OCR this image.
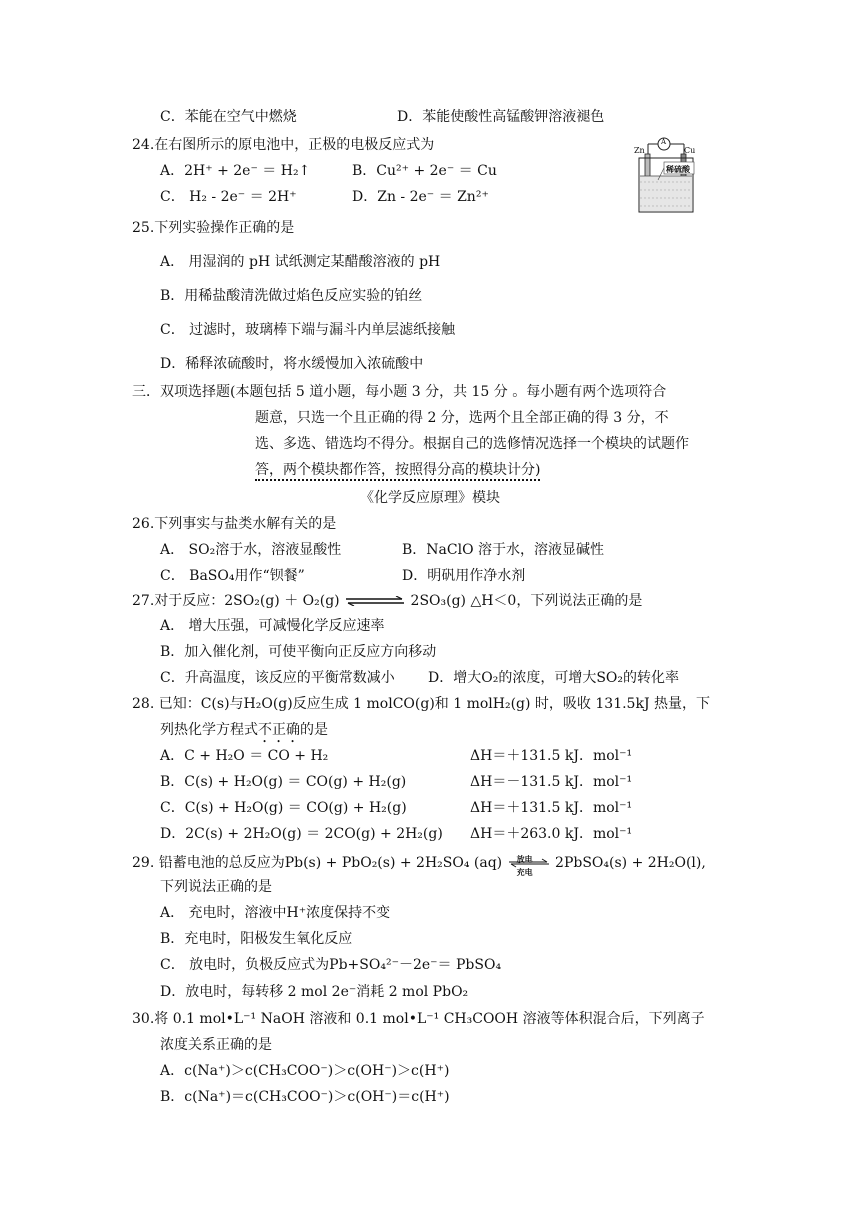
C．苯能在空气中燃烧	D．苯能使酸性高锰酸钾溶液褪色
24.在右图所示的原电池中，正极的电极反应式为
A．2H⁺ + 2e⁻ ＝ H₂↑	B．Cu²⁺ + 2e⁻ ＝ Cu
C． H₂ - 2e⁻ ＝ 2H⁺	D．Zn - 2e⁻ ＝ Zn²⁺
Zn
A
Cu
稀硫酸
25.下列实验操作正确的是
A． 用湿润的 pH 试纸测定某醋酸溶液的 pH
B．用稀盐酸清洗做过焰色反应实验的铂丝
C． 过滤时，玻璃棒下端与漏斗内单层滤纸接触
D．稀释浓硫酸时，将水缓慢加入浓硫酸中
三．双项选择题(本题包括 5 道小题，每小题 3 分，共 15 分 。每小题有两个选项符合
题意，只选一个且正确的得 2 分，选两个且全部正确的得 3 分，不
选、多选、错选均不得分。根据自己的选修情况选择一个模块的试题作
答，两个模块都作答，按照得分高的模块计分)
《化学反应原理》模块
26.下列事实与盐类水解有关的是
A． SO₂溶于水，溶液显酸性	B．NaClO 溶于水，溶液显碱性
C． BaSO₄用作“钡餐”	D．明矾用作净水剂
27.对于反应：2SO₂(g) ＋ O₂(g)	2SO₃(g) △H＜0，下列说法正确的是
A． 增大压强，可减慢化学反应速率
B．加入催化剂，可使平衡向正反应方向移动
C．升高温度，该反应的平衡常数减小 D．增大O₂的浓度，可增大SO₂的转化率
28. 已知：C(s)与H₂O(g)反应生成 1 molCO(g)和 1 molH₂(g) 时，吸收 131.5kJ 热量，下
列热化学方程式不正确的是
A．C + H₂O ＝ CO + H₂	ΔH＝＋131.5 kJ．mol⁻¹
B．C(s) + H₂O(g) ＝ CO(g) + H₂(g)	ΔH＝－131.5 kJ．mol⁻¹
C．C(s) + H₂O(g) ＝ CO(g) + H₂(g)	ΔH＝＋131.5 kJ．mol⁻¹
D．2C(s) + 2H₂O(g) ＝ 2CO(g) + 2H₂(g) ΔH＝＋263.0 kJ．mol⁻¹
29. 铅蓄电池的总反应为Pb(s) + PbO₂(s) + 2H₂SO₄ (aq) 放电
充电
2PbSO₄(s) + 2H₂O(l),
下列说法正确的是
A． 充电时，溶液中H⁺浓度保持不变
B．充电时，阳极发生氧化反应
C． 放电时，负极反应式为Pb+SO₄²⁻－2e⁻＝ PbSO₄
D．放电时，每转移 2 mol 2e⁻消耗 2 mol PbO₂
30.将 0.1 mol•L⁻¹ NaOH 溶液和 0.1 mol•L⁻¹ CH₃COOH 溶液等体积混合后，下列离子
浓度关系正确的是
A．c(Na⁺)＞c(CH₃COO⁻)＞c(OH⁻)＞c(H⁺)
B．c(Na⁺)＝c(CH₃COO⁻)＞c(OH⁻)＝c(H⁺)
